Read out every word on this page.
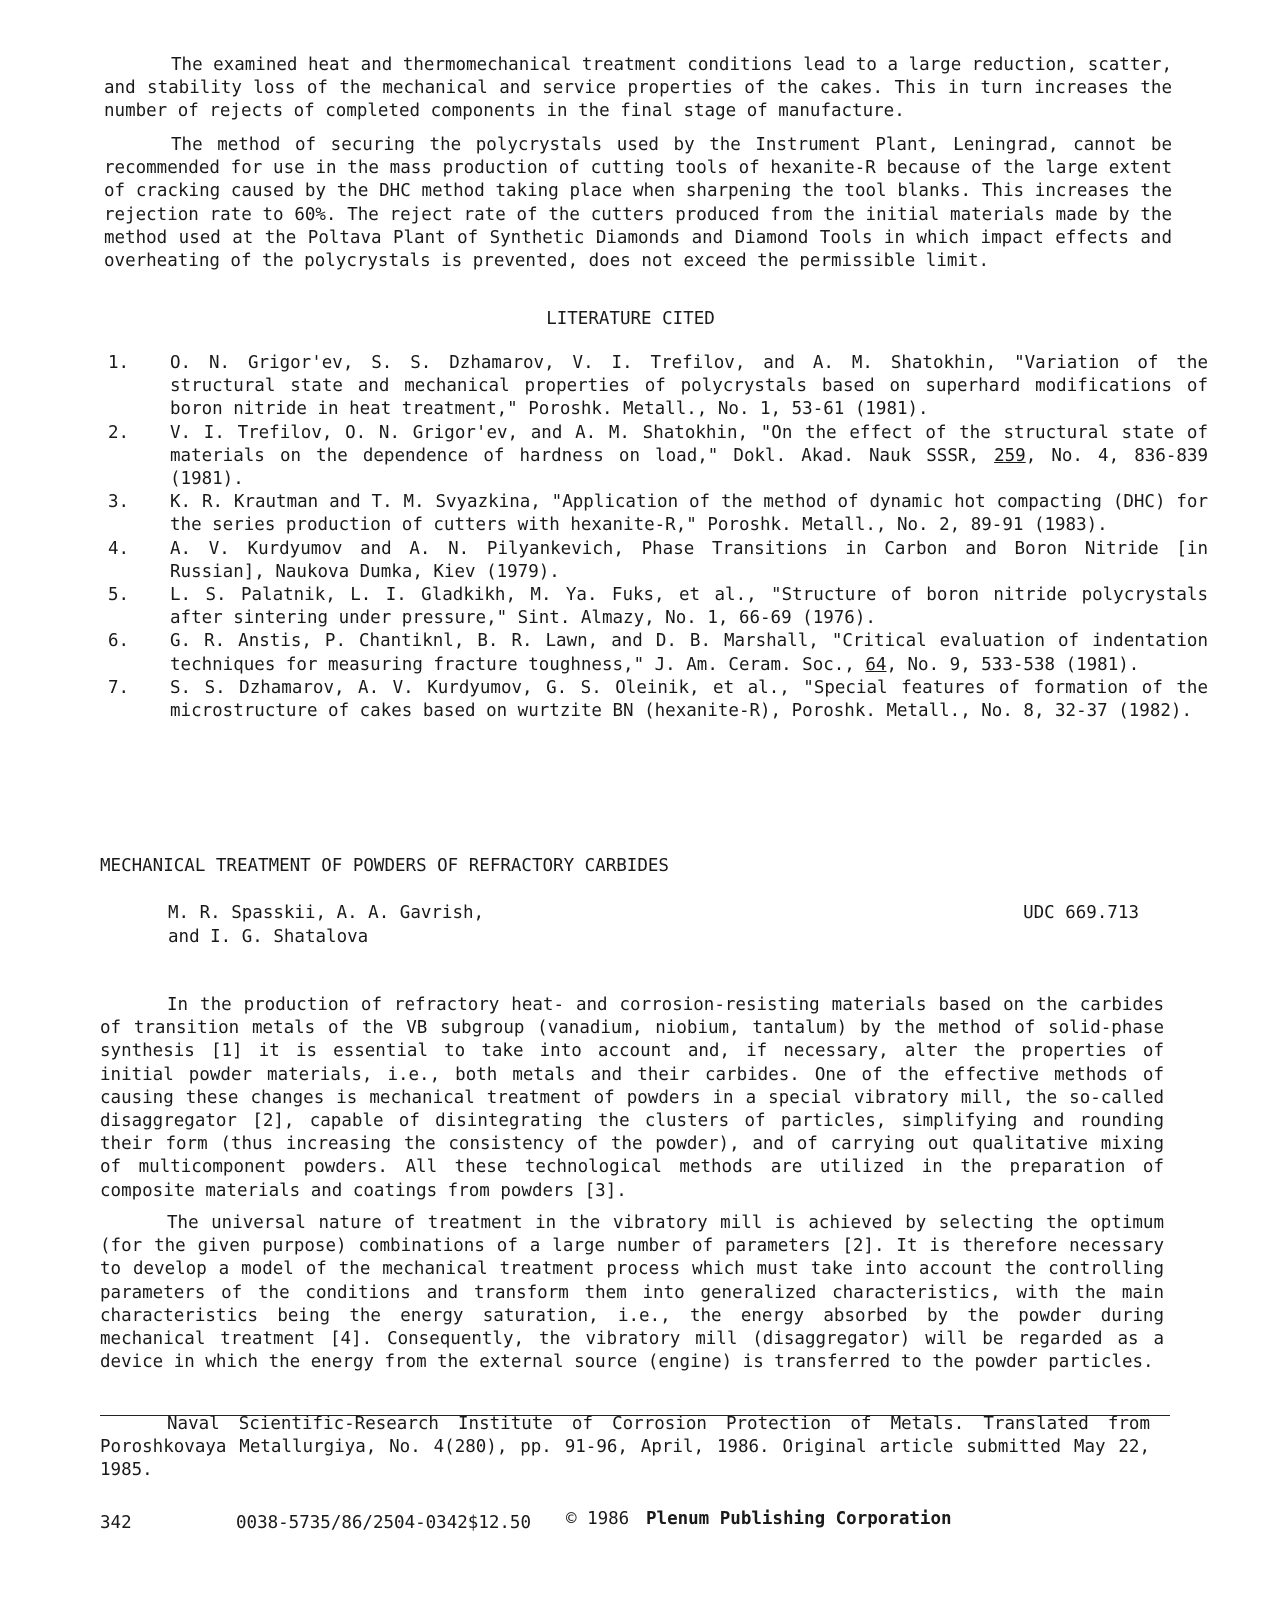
The examined heat and thermomechanical treatment conditions lead to a large reduction, scatter, and stability loss of the mechanical and service properties of the cakes. This in turn increases the number of rejects of completed components in the final stage of manufacture.

The method of securing the polycrystals used by the Instrument Plant, Leningrad, cannot be recommended for use in the mass production of cutting tools of hexanite-R because of the large extent of cracking caused by the DHC method taking place when sharpening the tool blanks. This increases the rejection rate to 60%. The reject rate of the cutters produced from the initial materials made by the method used at the Poltava Plant of Synthetic Diamonds and Diamond Tools in which impact effects and overheating of the polycrystals is prevented, does not exceed the permissible limit.

LITERATURE CITED
1.	O. N. Grigor'ev, S. S. Dzhamarov, V. I. Trefilov, and A. M. Shatokhin, "Variation of the structural state and mechanical properties of polycrystals based on superhard modifications of boron nitride in heat treatment," Poroshk. Metall., No. 1, 53-61 (1981).
2.	V. I. Trefilov, O. N. Grigor'ev, and A. M. Shatokhin, "On the effect of the structural state of materials on the dependence of hardness on load," Dokl. Akad. Nauk SSSR, 259, No. 4, 836-839 (1981).
3.	K. R. Krautman and T. M. Svyazkina, "Application of the method of dynamic hot compacting (DHC) for the series production of cutters with hexanite-R," Poroshk. Metall., No. 2, 89-91 (1983).
4.	A. V. Kurdyumov and A. N. Pilyankevich, Phase Transitions in Carbon and Boron Nitride [in Russian], Naukova Dumka, Kiev (1979).
5.	L. S. Palatnik, L. I. Gladkikh, M. Ya. Fuks, et al., "Structure of boron nitride polycrystals after sintering under pressure," Sint. Almazy, No. 1, 66-69 (1976).
6.	G. R. Anstis, P. Chantiknl, B. R. Lawn, and D. B. Marshall, "Critical evaluation of indentation techniques for measuring fracture toughness," J. Am. Ceram. Soc., 64, No. 9, 533-538 (1981).
7.	S. S. Dzhamarov, A. V. Kurdyumov, G. S. Oleinik, et al., "Special features of formation of the microstructure of cakes based on wurtzite BN (hexanite-R), Poroshk. Metall., No. 8, 32-37 (1982).
MECHANICAL TREATMENT OF POWDERS OF REFRACTORY CARBIDES
M. R. Spasskii, A. A. Gavrish,
and I. G. Shatalova
UDC 669.713

In the production of refractory heat- and corrosion-resisting materials based on the carbides of transition metals of the VB subgroup (vanadium, niobium, tantalum) by the method of solid-phase synthesis [1] it is essential to take into account and, if necessary, alter the properties of initial powder materials, i.e., both metals and their carbides. One of the effective methods of causing these changes is mechanical treatment of powders in a special vibratory mill, the so-called disaggregator [2], capable of disintegrating the clusters of particles, simplifying and rounding their form (thus increasing the consistency of the powder), and of carrying out qualitative mixing of multicomponent powders. All these technological methods are utilized in the preparation of composite materials and coatings from powders [3].

The universal nature of treatment in the vibratory mill is achieved by selecting the optimum (for the given purpose) combinations of a large number of parameters [2]. It is therefore necessary to develop a model of the mechanical treatment process which must take into account the controlling parameters of the conditions and transform them into generalized characteristics, with the main characteristics being the energy saturation, i.e., the energy absorbed by the powder during mechanical treatment [4]. Consequently, the vibratory mill (disaggregator) will be regarded as a device in which the energy from the external source (engine) is transferred to the powder particles.

Naval Scientific-Research Institute of Corrosion Protection of Metals. Translated from Poroshkovaya Metallurgiya, No. 4(280), pp. 91-96, April, 1986. Original article submitted May 22, 1985.

342	0038-5735/86/2504-0342$12.50 © 1986 Plenum Publishing Corporation
